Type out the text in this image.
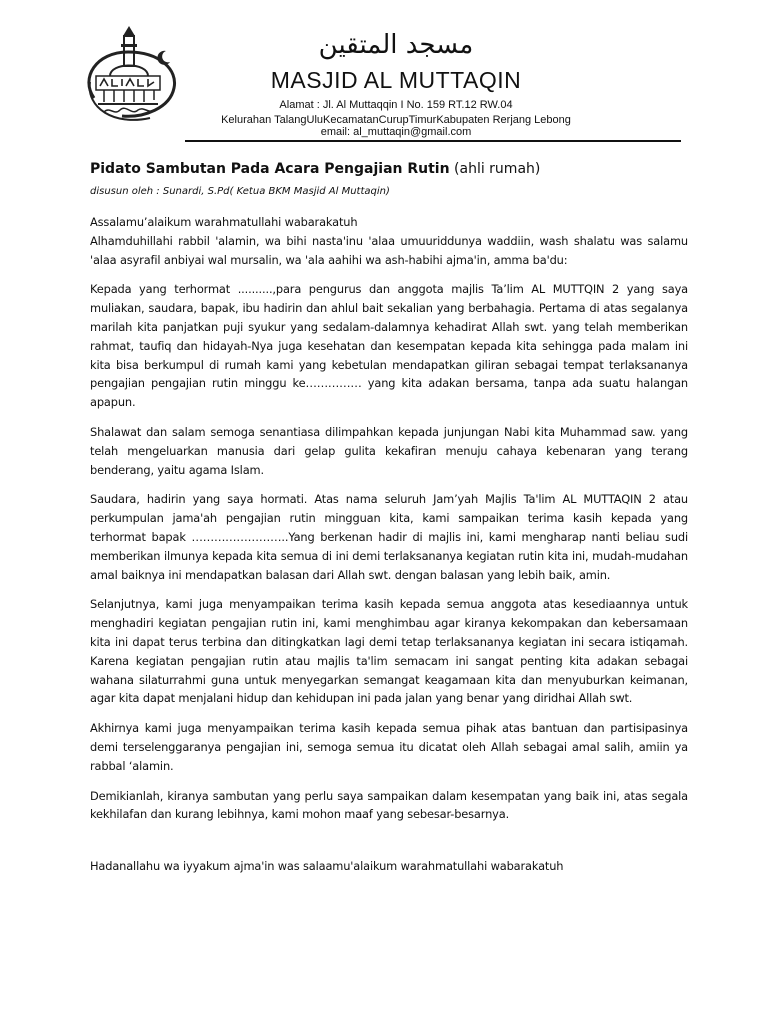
مسجد المتقين
MASJID AL MUTTAQIN
Alamat : Jl. Al Muttaqqin I No. 159 RT.12 RW.04
Kelurahan TalangUluKecamatanCurupTimurKabupaten Rerjang Lebong
email: al_muttaqin@gmail.com

Pidato Sambutan Pada Acara Pengajian Rutin (ahli rumah)

disusun oleh : Sunardi, S.Pd( Ketua BKM Masjid Al Muttaqin)

Assalamu’alaikum warahmatullahi wabarakatuh

Alhamduhillahi rabbil 'alamin, wa bihi nasta'inu 'alaa umuuriddunya waddiin, wash shalatu was salamu 'alaa asyrafil anbiyai wal mursalin, wa 'ala aahihi wa ash-habihi ajma'in, amma ba'du:

Kepada yang terhormat ..........,para pengurus dan anggota majlis Ta’lim AL MUTTQIN 2 yang saya muliakan, saudara, bapak, ibu hadirin dan ahlul bait sekalian yang berbahagia. Pertama di atas segalanya marilah kita panjatkan puji syukur yang sedalam-dalamnya kehadirat Allah swt. yang telah memberikan rahmat, taufiq dan hidayah-Nya juga kesehatan dan kesempatan kepada kita sehingga pada malam ini kita bisa berkumpul di rumah kami yang kebetulan mendapatkan giliran sebagai tempat terlaksananya pengajian pengajian rutin minggu ke…………… yang kita adakan bersama, tanpa ada suatu halangan apapun.

Shalawat dan salam semoga senantiasa dilimpahkan kepada junjungan Nabi kita Muhammad saw. yang telah mengeluarkan manusia dari gelap gulita kekafiran menuju cahaya kebenaran yang terang benderang, yaitu agama Islam.

Saudara, hadirin yang saya hormati. Atas nama seluruh Jam’yah Majlis Ta'lim AL MUTTAQIN 2 atau perkumpulan jama'ah pengajian rutin mingguan kita, kami sampaikan terima kasih kepada yang terhormat bapak ……………………..Yang berkenan hadir di majlis ini, kami mengharap nanti beliau sudi memberikan ilmunya kepada kita semua di ini demi terlaksananya kegiatan rutin kita ini, mudah-mudahan amal baiknya ini mendapatkan balasan dari Allah swt. dengan balasan yang lebih baik, amin.

Selanjutnya, kami juga menyampaikan terima kasih kepada semua anggota atas kesediaannya untuk menghadiri kegiatan pengajian rutin ini, kami menghimbau agar kiranya kekompakan dan kebersamaan kita ini dapat terus terbina dan ditingkatkan lagi demi tetap terlaksananya kegiatan ini secara istiqamah. Karena kegiatan pengajian rutin atau majlis ta'lim semacam ini sangat penting kita adakan sebagai wahana silaturrahmi guna untuk menyegarkan semangat keagamaan kita dan menyuburkan keimanan, agar kita dapat menjalani hidup dan kehidupan ini pada jalan yang benar yang diridhai Allah swt.

Akhirnya kami juga menyampaikan terima kasih kepada semua pihak atas bantuan dan partisipasinya demi terselenggaranya pengajian ini, semoga semua itu dicatat oleh Allah sebagai amal salih, amiin ya rabbal ‘alamin.

Demikianlah, kiranya sambutan yang perlu saya sampaikan dalam kesempatan yang baik ini, atas segala kekhilafan dan kurang lebihnya, kami mohon maaf yang sebesar-besarnya.

Hadanallahu wa iyyakum ajma'in was salaamu'alaikum warahmatullahi wabarakatuh
